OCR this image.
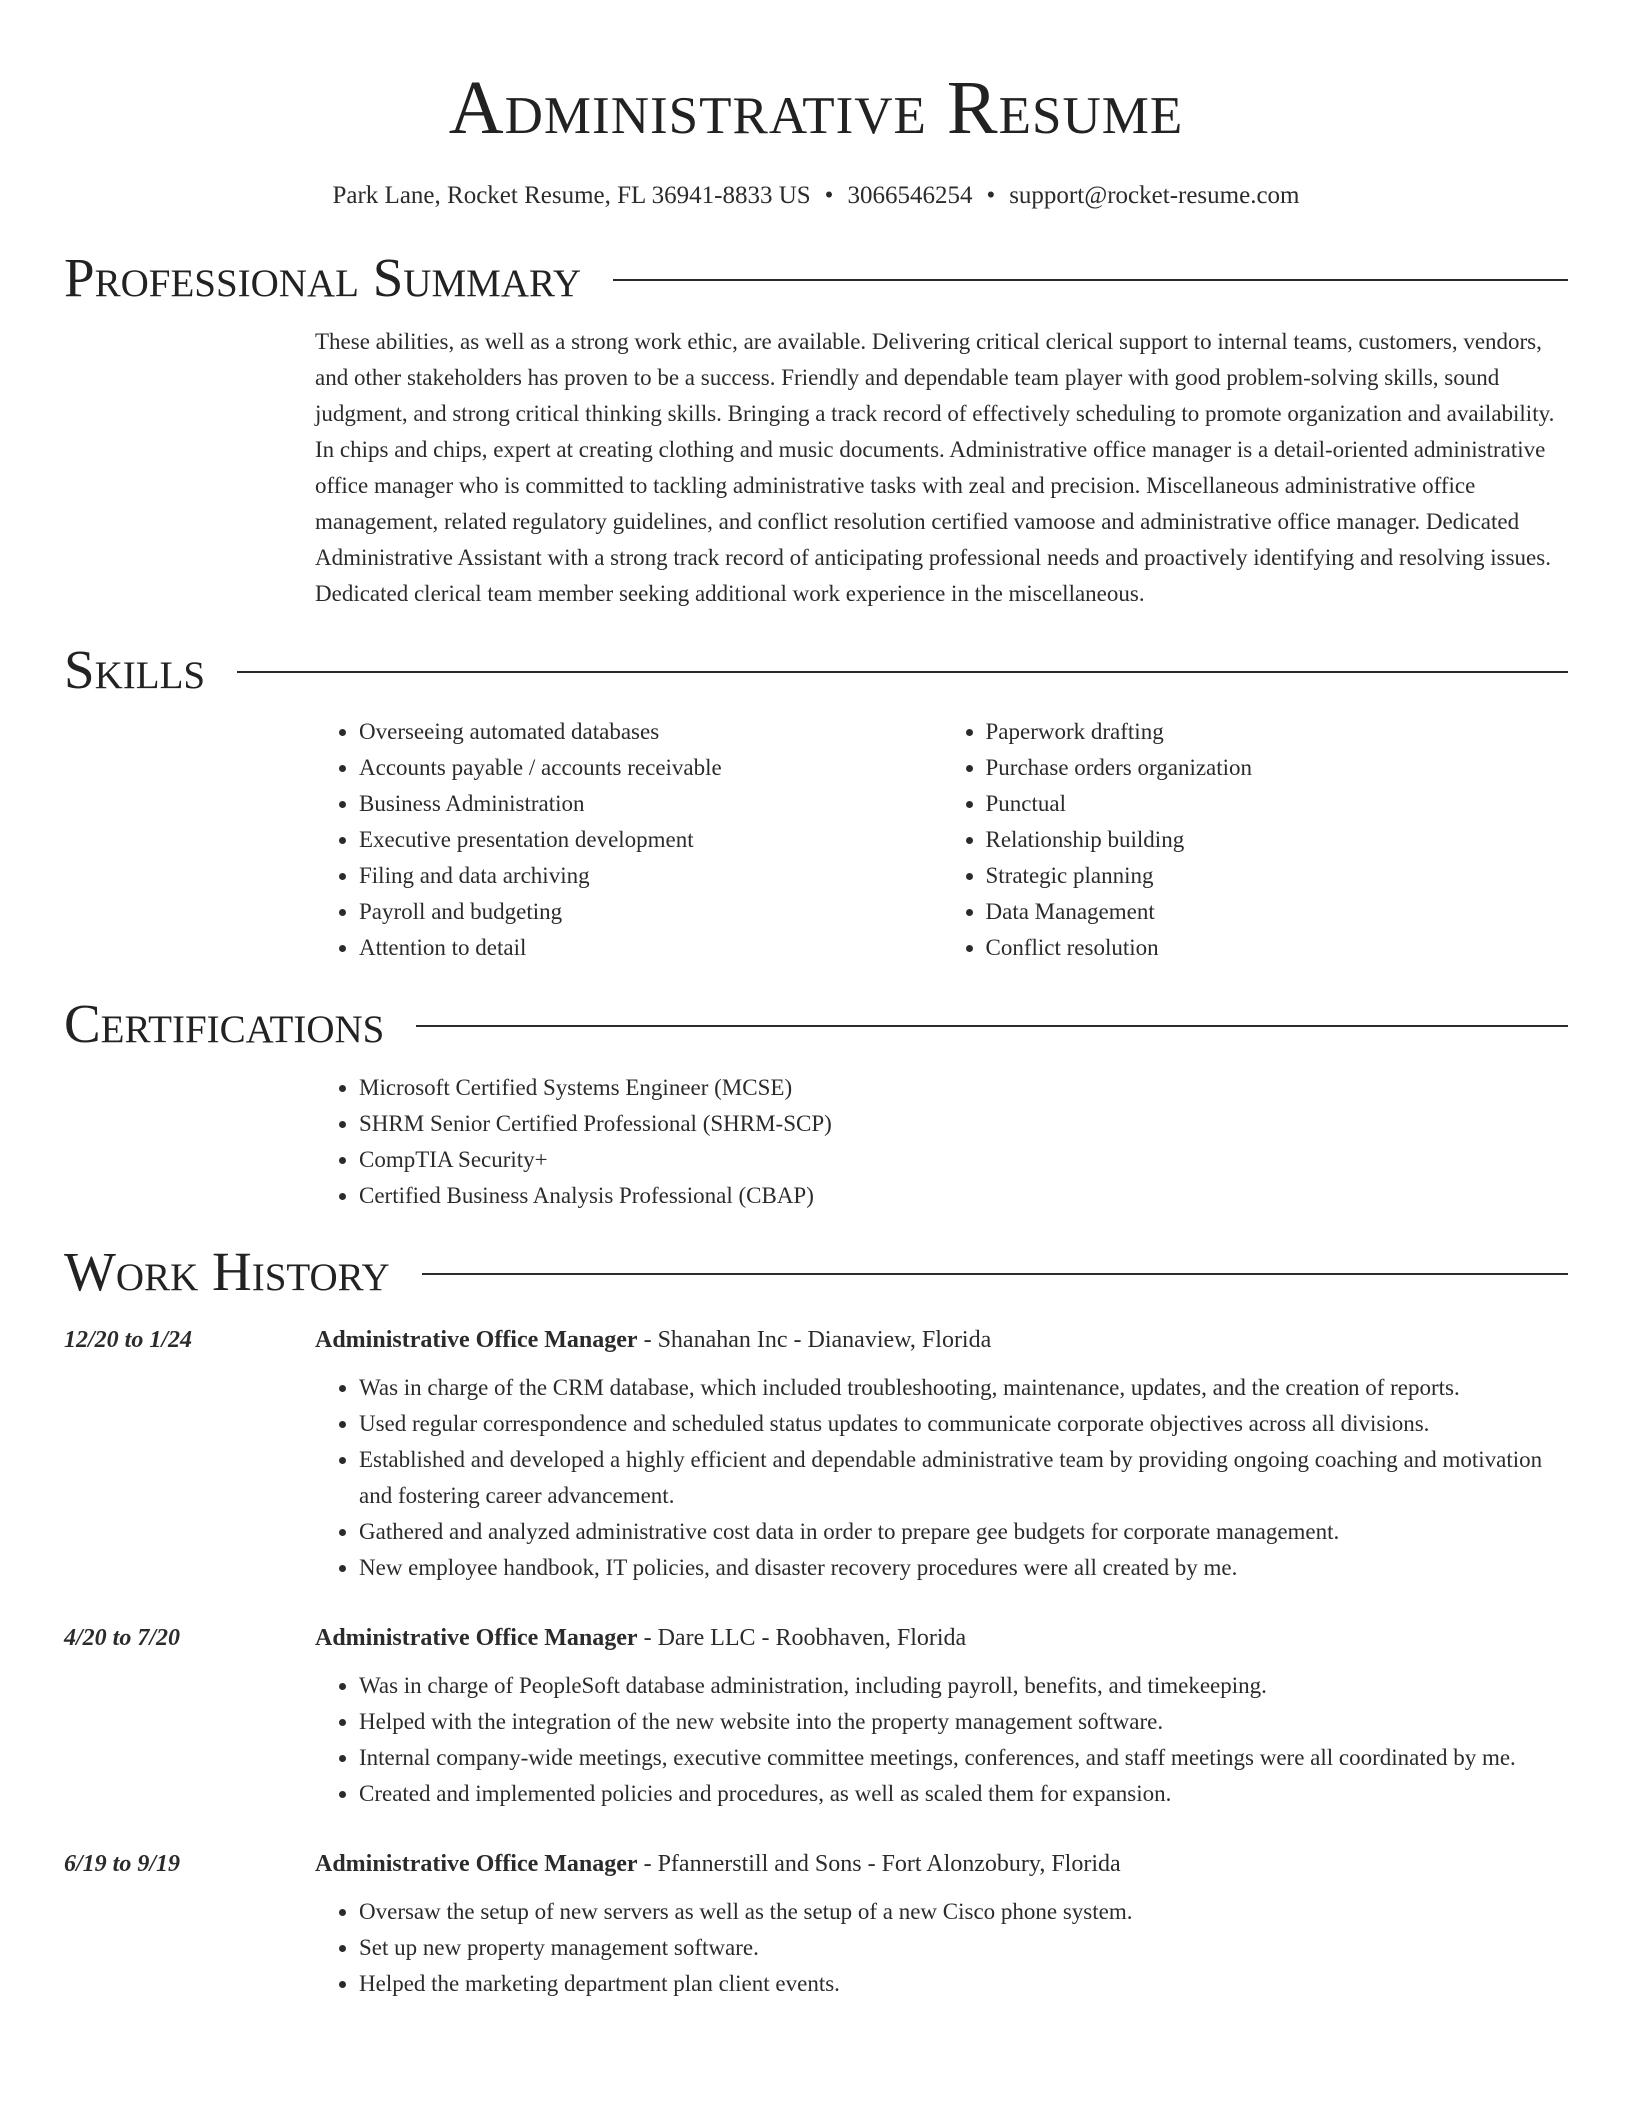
Administrative Resume
Park Lane, Rocket Resume, FL 36941-8833 US • 3066546254 • support@rocket-resume.com
Professional Summary

These abilities, as well as a strong work ethic, are available. Delivering critical clerical support to internal teams, customers, vendors, and other stakeholders has proven to be a success. Friendly and dependable team player with good problem-solving skills, sound judgment, and strong critical thinking skills. Bringing a track record of effectively scheduling to promote organization and availability. In chips and chips, expert at creating clothing and music documents. Administrative office manager is a detail-oriented administrative office manager who is committed to tackling administrative tasks with zeal and precision. Miscellaneous administrative office management, related regulatory guidelines, and conflict resolution certified vamoose and administrative office manager. Dedicated Administrative Assistant with a strong track record of anticipating professional needs and proactively identifying and resolving issues. Dedicated clerical team member seeking additional work experience in the miscellaneous.

Skills
• Overseeing automated databases
• Accounts payable / accounts receivable
• Business Administration
• Executive presentation development
• Filing and data archiving
• Payroll and budgeting
• Attention to detail
• Paperwork drafting
• Purchase orders organization
• Punctual
• Relationship building
• Strategic planning
• Data Management
• Conflict resolution
Certifications
• Microsoft Certified Systems Engineer (MCSE)
• SHRM Senior Certified Professional (SHRM-SCP)
• CompTIA Security+
• Certified Business Analysis Professional (CBAP)
Work History
12/20 to 1/24	Administrative Office Manager - Shanahan Inc - Dianaview, Florida
• Was in charge of the CRM database, which included troubleshooting, maintenance, updates, and the creation of reports.
• Used regular correspondence and scheduled status updates to communicate corporate objectives across all divisions.
• Established and developed a highly efficient and dependable administrative team by providing ongoing coaching and motivation and fostering career advancement.
• Gathered and analyzed administrative cost data in order to prepare gee budgets for corporate management.
• New employee handbook, IT policies, and disaster recovery procedures were all created by me.
4/20 to 7/20	Administrative Office Manager - Dare LLC - Roobhaven, Florida
• Was in charge of PeopleSoft database administration, including payroll, benefits, and timekeeping.
• Helped with the integration of the new website into the property management software.
• Internal company-wide meetings, executive committee meetings, conferences, and staff meetings were all coordinated by me.
• Created and implemented policies and procedures, as well as scaled them for expansion.
6/19 to 9/19	Administrative Office Manager - Pfannerstill and Sons - Fort Alonzobury, Florida
• Oversaw the setup of new servers as well as the setup of a new Cisco phone system.
• Set up new property management software.
• Helped the marketing department plan client events.
